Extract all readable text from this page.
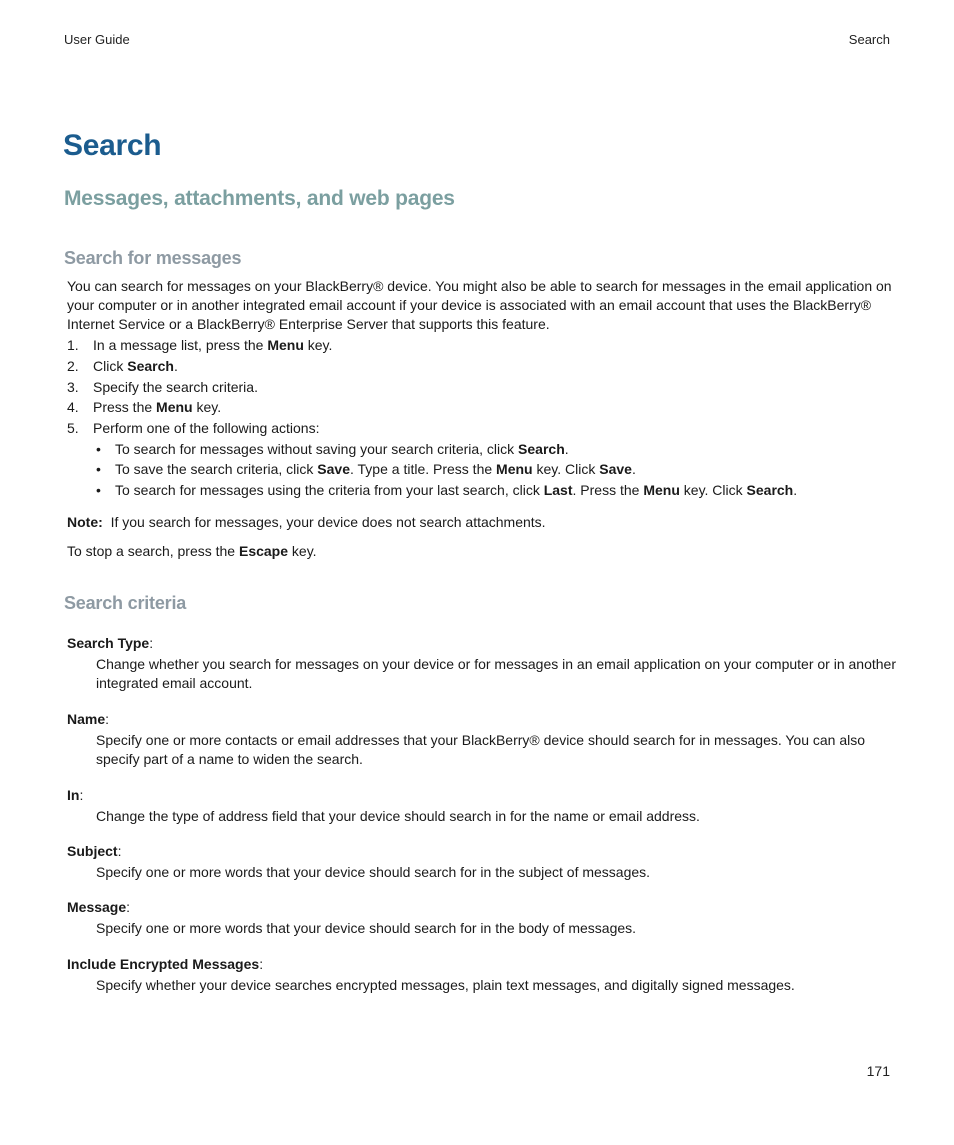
User Guide	Search
Search
Messages, attachments, and web pages
Search for messages
You can search for messages on your BlackBerry® device. You might also be able to search for messages in the email application on your computer or in another integrated email account if your device is associated with an email account that uses the BlackBerry® Internet Service or a BlackBerry® Enterprise Server that supports this feature.
1. In a message list, press the Menu key.
2. Click Search.
3. Specify the search criteria.
4. Press the Menu key.
5. Perform one of the following actions:
• To search for messages without saving your search criteria, click Search.
• To save the search criteria, click Save. Type a title. Press the Menu key. Click Save.
• To search for messages using the criteria from your last search, click Last. Press the Menu key. Click Search.
Note: If you search for messages, your device does not search attachments.
To stop a search, press the Escape key.
Search criteria
Search Type:
Change whether you search for messages on your device or for messages in an email application on your computer or in another integrated email account.
Name:
Specify one or more contacts or email addresses that your BlackBerry® device should search for in messages. You can also specify part of a name to widen the search.
In:
Change the type of address field that your device should search in for the name or email address.
Subject:
Specify one or more words that your device should search for in the subject of messages.
Message:
Specify one or more words that your device should search for in the body of messages.
Include Encrypted Messages:
Specify whether your device searches encrypted messages, plain text messages, and digitally signed messages.
171
